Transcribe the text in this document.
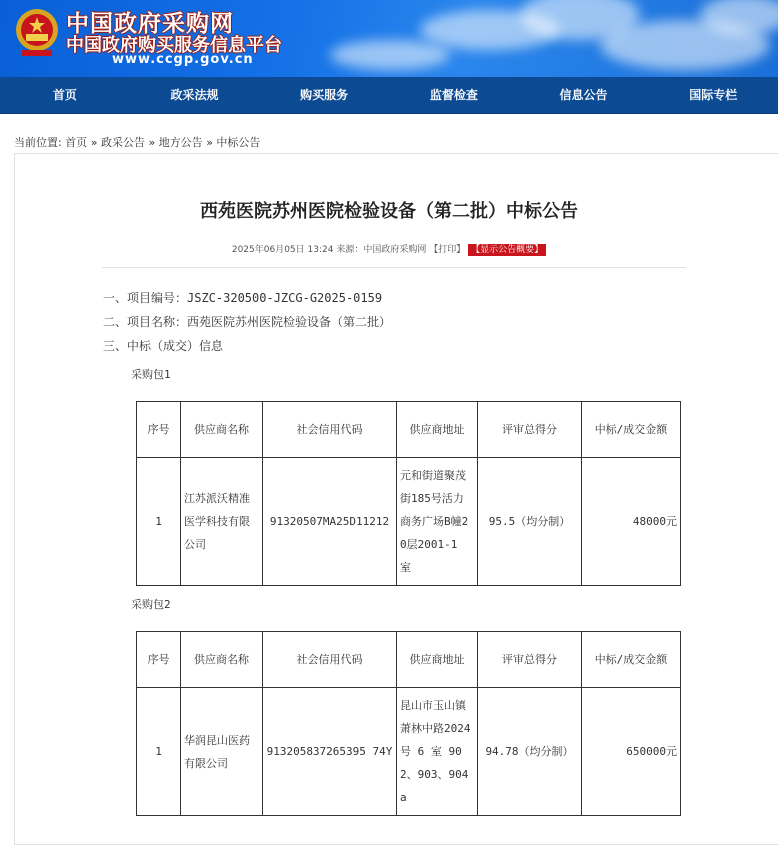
中国政府采购网
中国政府购买服务信息平台
www.ccgp.gov.cn
首页	政采法规	购买服务	监督检查	信息公告	国际专栏
当前位置: 首页 » 政采公告 » 地方公告 » 中标公告
西苑医院苏州医院检验设备（第二批）中标公告
2025年06月05日 13:24 来源：中国政府采购网 【打印】 【显示公告概要】
一、项目编号：JSZC-320500-JZCG-G2025-0159
二、项目名称：西苑医院苏州医院检验设备（第二批）
三、中标（成交）信息
采购包1
序号	供应商名称	社会信用代码	供应商地址	评审总得分	中标/成交金额
1	江苏派沃精准医学科技有限公司	91320507MA25D11212	元和街道聚茂街185号活力商务广场B幢20层2001-1 室	95.5（均分制）	48000元
采购包2
序号	供应商名称	社会信用代码	供应商地址	评审总得分	中标/成交金额
1	华润昆山医药有限公司	913205837265395 74Y	昆山市玉山镇萧林中路2024 号 6 室 902、903、904a	94.78（均分制）	650000元
